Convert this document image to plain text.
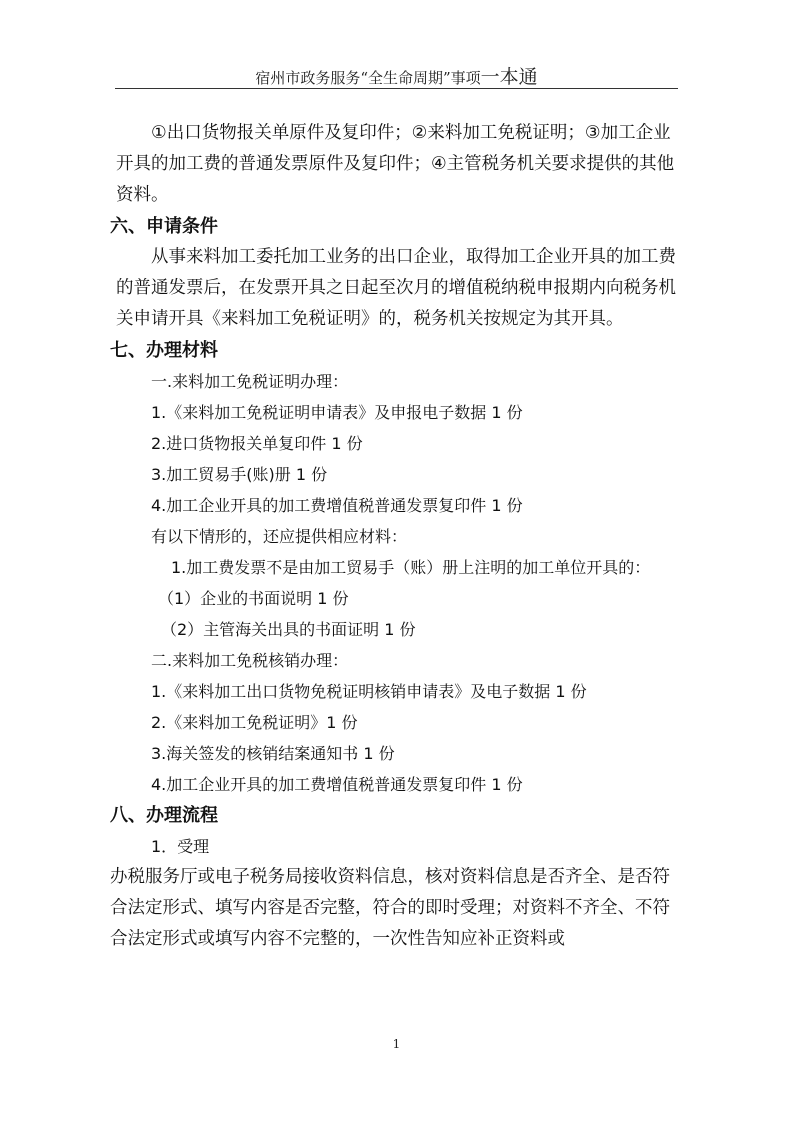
宿州市政务服务“全生命周期”事项一本通

①出口货物报关单原件及复印件；②来料加工免税证明；③加工企业开具的加工费的普通发票原件及复印件；④主管税务机关要求提供的其他资料。

六、申请条件

从事来料加工委托加工业务的出口企业，取得加工企业开具的加工费的普通发票后，在发票开具之日起至次月的增值税纳税申报期内向税务机关申请开具《来料加工免税证明》的，税务机关按规定为其开具。

七、办理材料

一.来料加工免税证明办理：

1.《来料加工免税证明申请表》及申报电子数据 1 份

2.进口货物报关单复印件 1 份

3.加工贸易手(账)册 1 份

4.加工企业开具的加工费增值税普通发票复印件 1 份

有以下情形的，还应提供相应材料：

1.加工费发票不是由加工贸易手（账）册上注明的加工单位开具的：

（1）企业的书面说明 1 份

（2）主管海关出具的书面证明 1 份

二.来料加工免税核销办理：

1.《来料加工出口货物免税证明核销申请表》及电子数据 1 份

2.《来料加工免税证明》1 份

3.海关签发的核销结案通知书 1 份

4.加工企业开具的加工费增值税普通发票复印件 1 份

八、办理流程

1．受理

办税服务厅或电子税务局接收资料信息，核对资料信息是否齐全、是否符合法定形式、填写内容是否完整，符合的即时受理；对资料不齐全、不符合法定形式或填写内容不完整的，一次性告知应补正资料或

1
